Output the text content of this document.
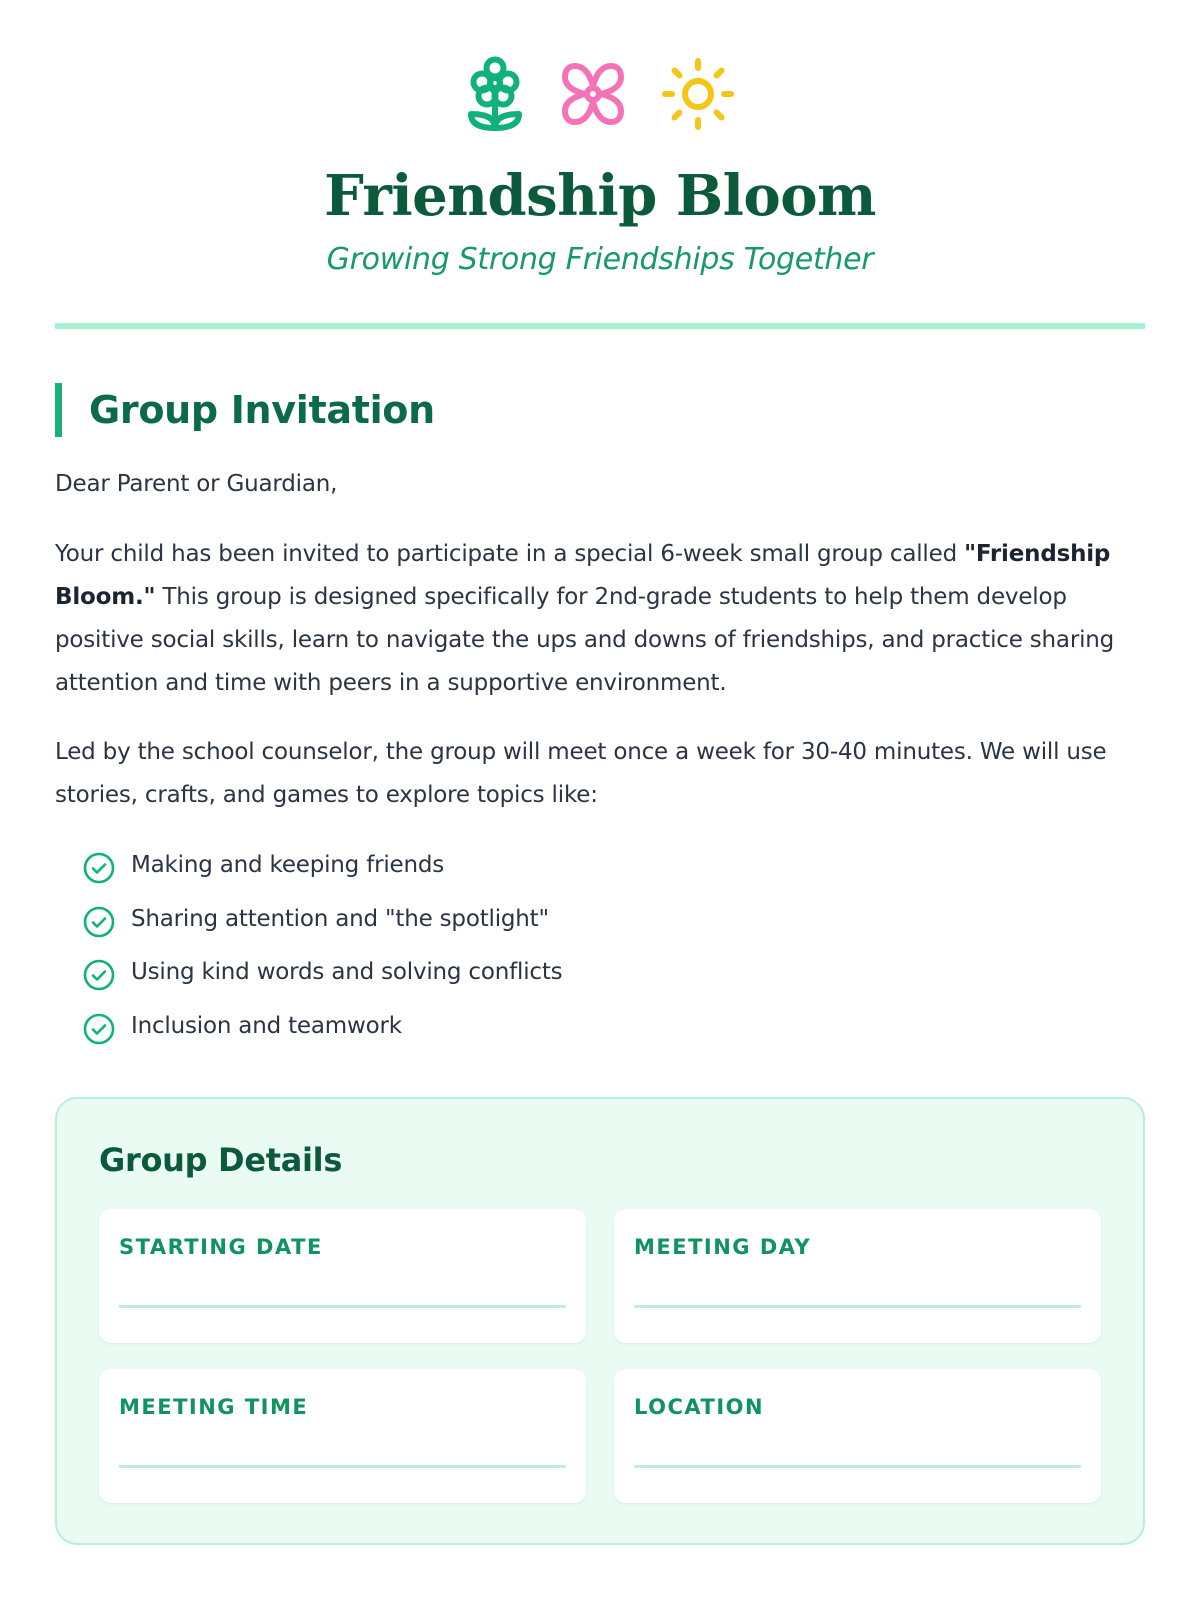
Friendship Bloom
Growing Strong Friendships Together
Group Invitation

Dear Parent or Guardian,

Your child has been invited to participate in a special 6-week small group called "Friendship Bloom." This group is designed specifically for 2nd-grade students to help them develop positive social skills, learn to navigate the ups and downs of friendships, and practice sharing attention and time with peers in a supportive environment.

Led by the school counselor, the group will meet once a week for 30-40 minutes. We will use stories, crafts, and games to explore topics like:

Making and keeping friends
Sharing attention and "the spotlight"
Using kind words and solving conflicts
Inclusion and teamwork
Group Details
STARTING DATE	MEETING DAY
MEETING TIME	LOCATION
